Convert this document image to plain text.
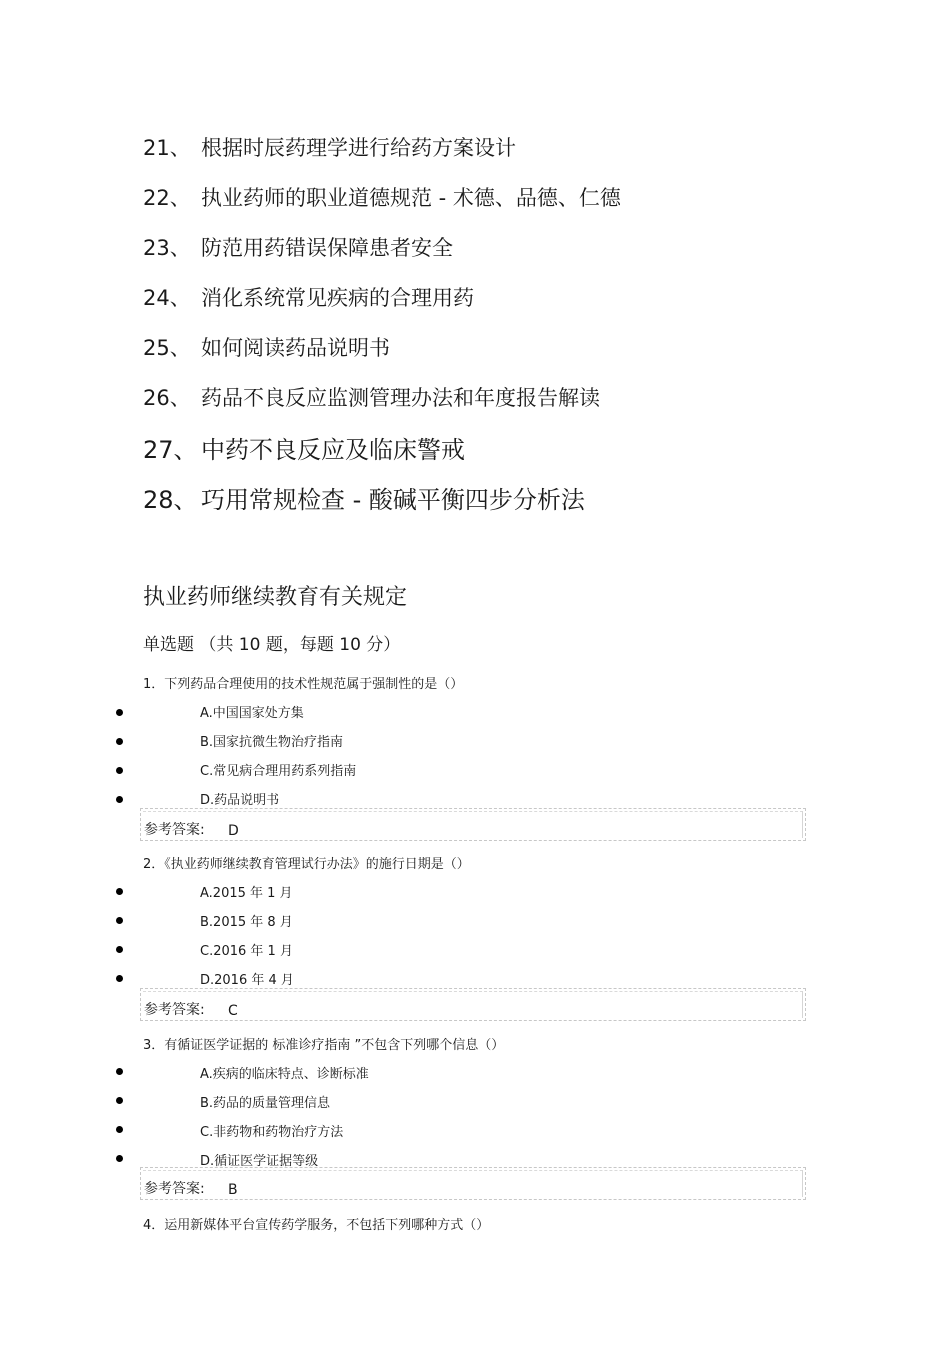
21、 根据时辰药理学进行给药方案设计
22、 执业药师的职业道德规范 - 术德、品德、仁德
23、 防范用药错误保障患者安全
24、 消化系统常见疾病的合理用药
25、 如何阅读药品说明书
26、 药品不良反应监测管理办法和年度报告解读
27、 中药不良反应及临床警戒
28、 巧用常规检查 - 酸碱平衡四步分析法
执业药师继续教育有关规定
单选题 （共 10 题，每题 10 分）
1．下列药品合理使用的技术性规范属于强制性的是（）
A.中国国家处方集
B.国家抗微生物治疗指南
C.常见病合理用药系列指南
D.药品说明书
参考答案: D
2．《执业药师继续教育管理试行办法》的施行日期是（）
A.2015 年 1 月
B.2015 年 8 月
C.2016 年 1 月
D.2016 年 4 月
参考答案: C
3．有循证医学证据的 标准诊疗指南 ”不包含下列哪个信息（）
A.疾病的临床特点、诊断标准
B.药品的质量管理信息
C.非药物和药物治疗方法
D.循证医学证据等级
参考答案: B
4．运用新媒体平台宣传药学服务，不包括下列哪种方式（）
